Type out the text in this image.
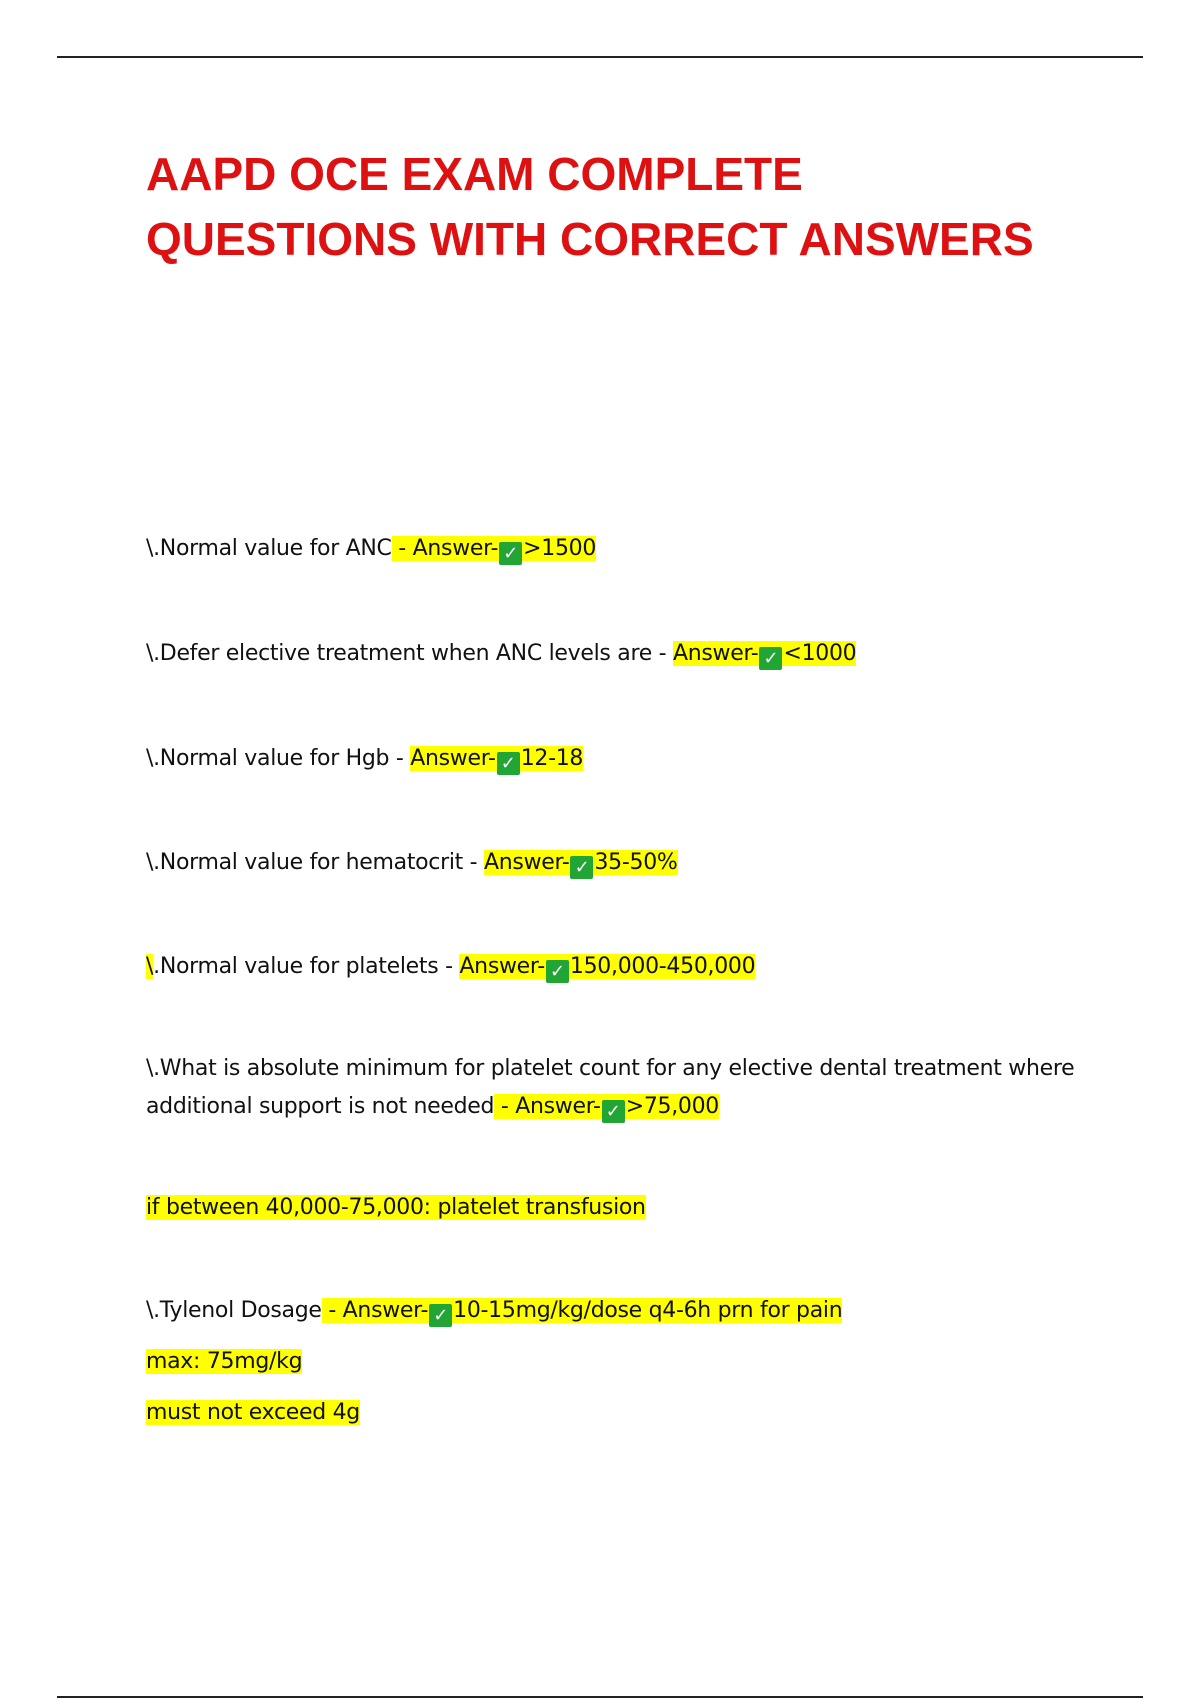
AAPD OCE EXAM COMPLETE
QUESTIONS WITH CORRECT ANSWERS
\.Normal value for ANC - Answer- ✓ >1500
\.Defer elective treatment when ANC levels are - Answer- ✓ <1000
\.Normal value for Hgb - Answer- ✓ 12-18
\.Normal value for hematocrit - Answer- ✓ 35-50%
\.Normal value for platelets - Answer- ✓ 150,000-450,000
\.What is absolute minimum for platelet count for any elective dental treatment where
additional support is not needed - Answer- ✓ >75,000
if between 40,000-75,000: platelet transfusion
\.Tylenol Dosage - Answer- ✓ 10-15mg/kg/dose q4-6h prn for pain
max: 75mg/kg
must not exceed 4g
